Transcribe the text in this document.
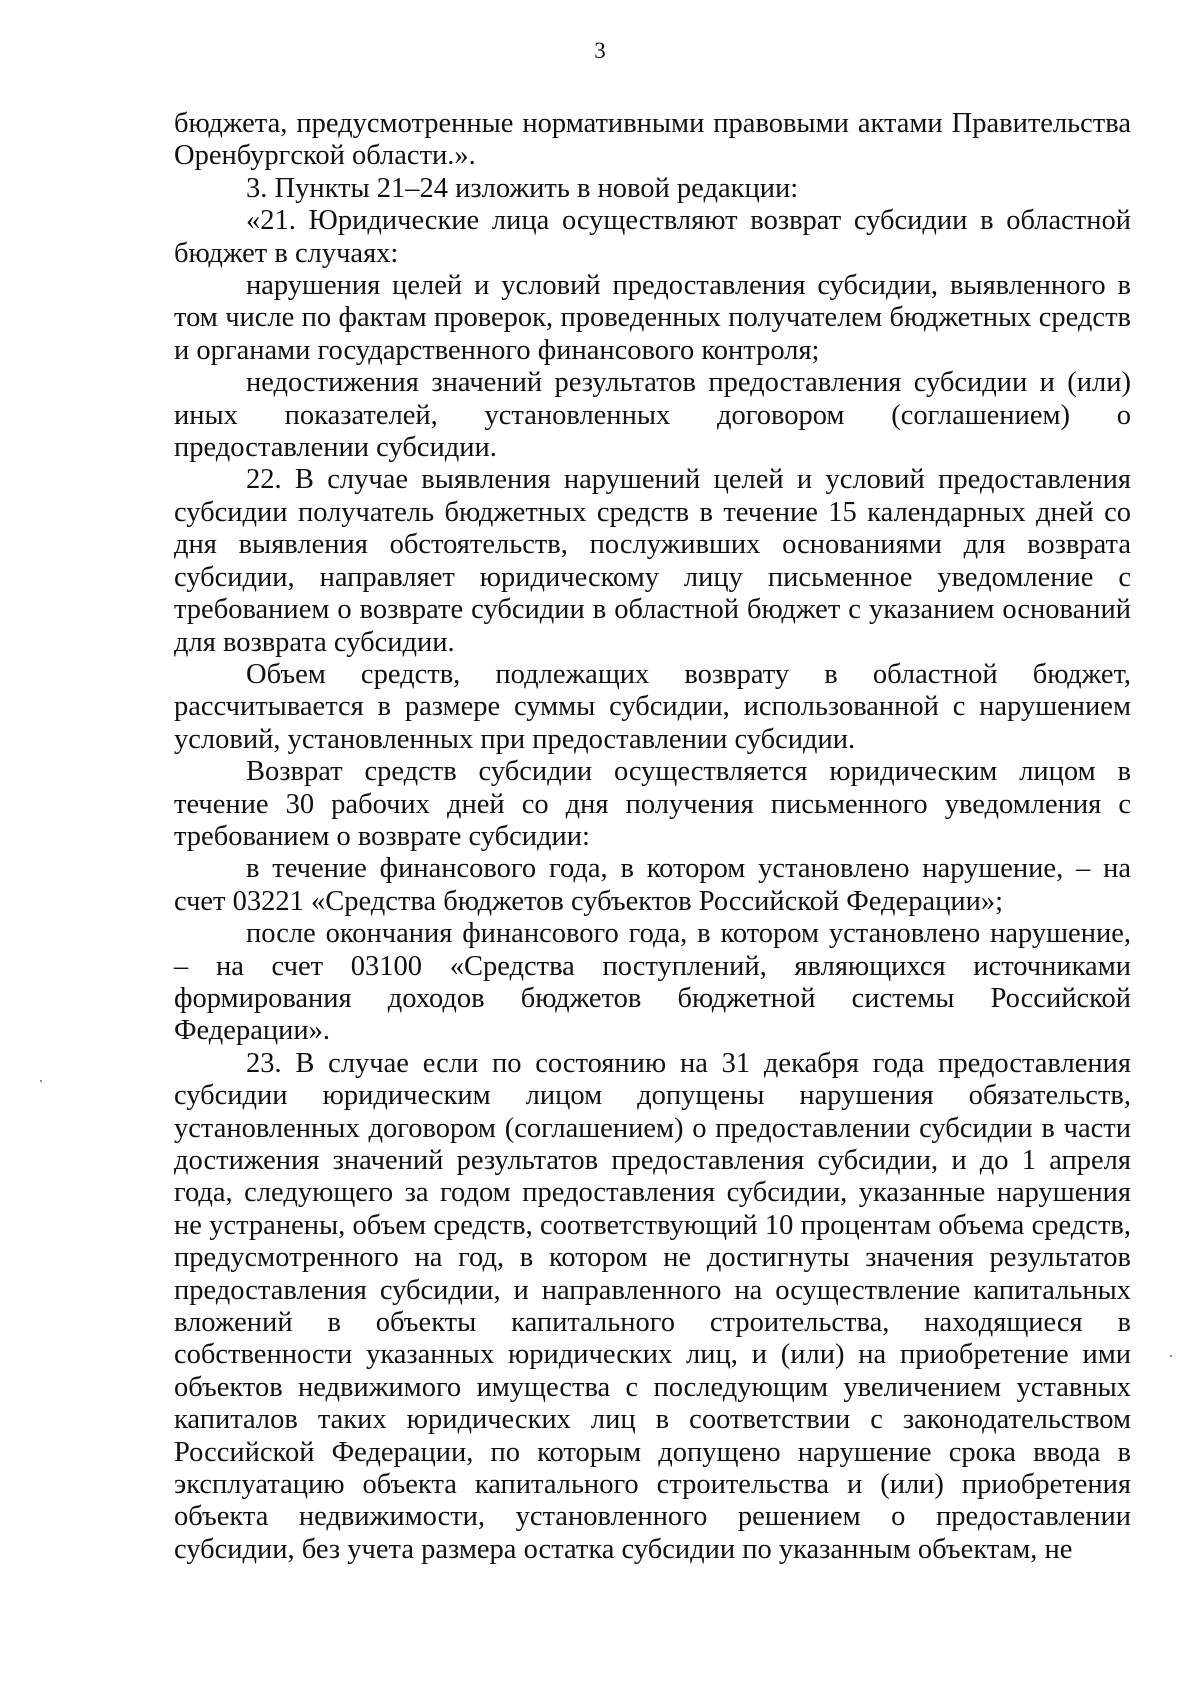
3

бюджета, предусмотренные нормативными правовыми актами Правительства Оренбургской области.».

3. Пункты 21–24 изложить в новой редакции:

«21. Юридические лица осуществляют возврат субсидии в областной бюджет в случаях:

нарушения целей и условий предоставления субсидии, выявленного в том числе по фактам проверок, проведенных получателем бюджетных средств и органами государственного финансового контроля;

недостижения значений результатов предоставления субсидии и (или) иных показателей, установленных договором (соглашением) о предоставлении субсидии.

22. В случае выявления нарушений целей и условий предоставления субсидии получатель бюджетных средств в течение 15 календарных дней со дня выявления обстоятельств, послуживших основаниями для возврата субсидии, направляет юридическому лицу письменное уведомление с требованием о возврате субсидии в областной бюджет с указанием оснований для возврата субсидии.

Объем средств, подлежащих возврату в областной бюджет, рассчитывается в размере суммы субсидии, использованной с нарушением условий, установленных при предоставлении субсидии.

Возврат средств субсидии осуществляется юридическим лицом в течение 30 рабочих дней со дня получения письменного уведомления с требованием о возврате субсидии:

в течение финансового года, в котором установлено нарушение, – на счет 03221 «Средства бюджетов субъектов Российской Федерации»;

после окончания финансового года, в котором установлено нарушение, – на счет 03100 «Средства поступлений, являющихся источниками формирования доходов бюджетов бюджетной системы Российской Федерации».

23. В случае если по состоянию на 31 декабря года предоставления субсидии юридическим лицом допущены нарушения обязательств, установленных договором (соглашением) о предоставлении субсидии в части достижения значений результатов предоставления субсидии, и до 1 апреля года, следующего за годом предоставления субсидии, указанные нарушения не устранены, объем средств, соответствующий 10 процентам объема средств, предусмотренного на год, в котором не достигнуты значения результатов предоставления субсидии, и направленного на осуществление капитальных вложений в объекты капитального строительства, находящиеся в собственности указанных юридических лиц, и (или) на приобретение ими объектов недвижимого имущества с последующим увеличением уставных капиталов таких юридических лиц в соответствии с законодательством Российской Федерации, по которым допущено нарушение срока ввода в эксплуатацию объекта капитального строительства и (или) приобретения объекта недвижимости, установленного решением о предоставлении субсидии, без учета размера остатка субсидии по указанным объектам, не
